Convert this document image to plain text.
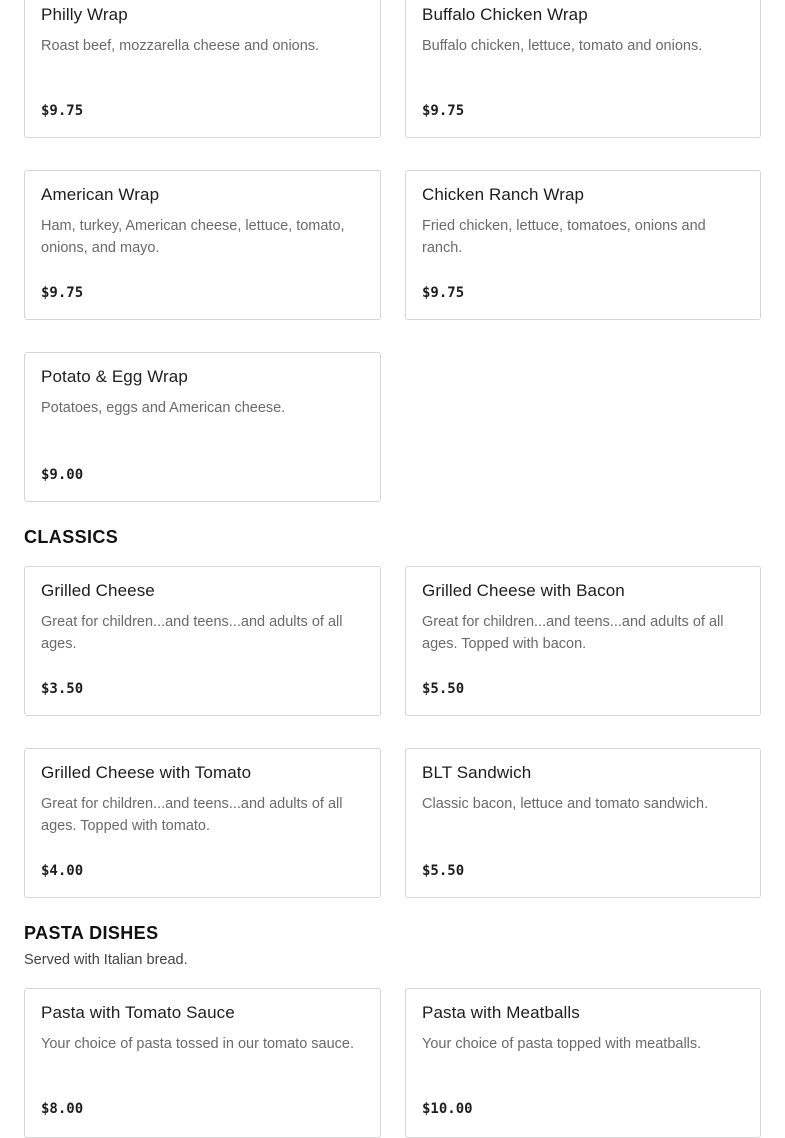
Philly Wrap
Roast beef, mozzarella cheese and onions.
$9.75
Buffalo Chicken Wrap
Buffalo chicken, lettuce, tomato and onions.
$9.75
American Wrap
Ham, turkey, American cheese, lettuce, tomato, onions, and mayo.
$9.75
Chicken Ranch Wrap
Fried chicken, lettuce, tomatoes, onions and ranch.
$9.75
Potato & Egg Wrap
Potatoes, eggs and American cheese.
$9.00
CLASSICS
Grilled Cheese
Great for children...and teens...and adults of all ages.
$3.50
Grilled Cheese with Bacon
Great for children...and teens...and adults of all ages. Topped with bacon.
$5.50
Grilled Cheese with Tomato
Great for children...and teens...and adults of all ages. Topped with tomato.
$4.00
BLT Sandwich
Classic bacon, lettuce and tomato sandwich.
$5.50
PASTA DISHES
Served with Italian bread.
Pasta with Tomato Sauce
Your choice of pasta tossed in our tomato sauce.
$8.00
Pasta with Meatballs
Your choice of pasta topped with meatballs.
$10.00
